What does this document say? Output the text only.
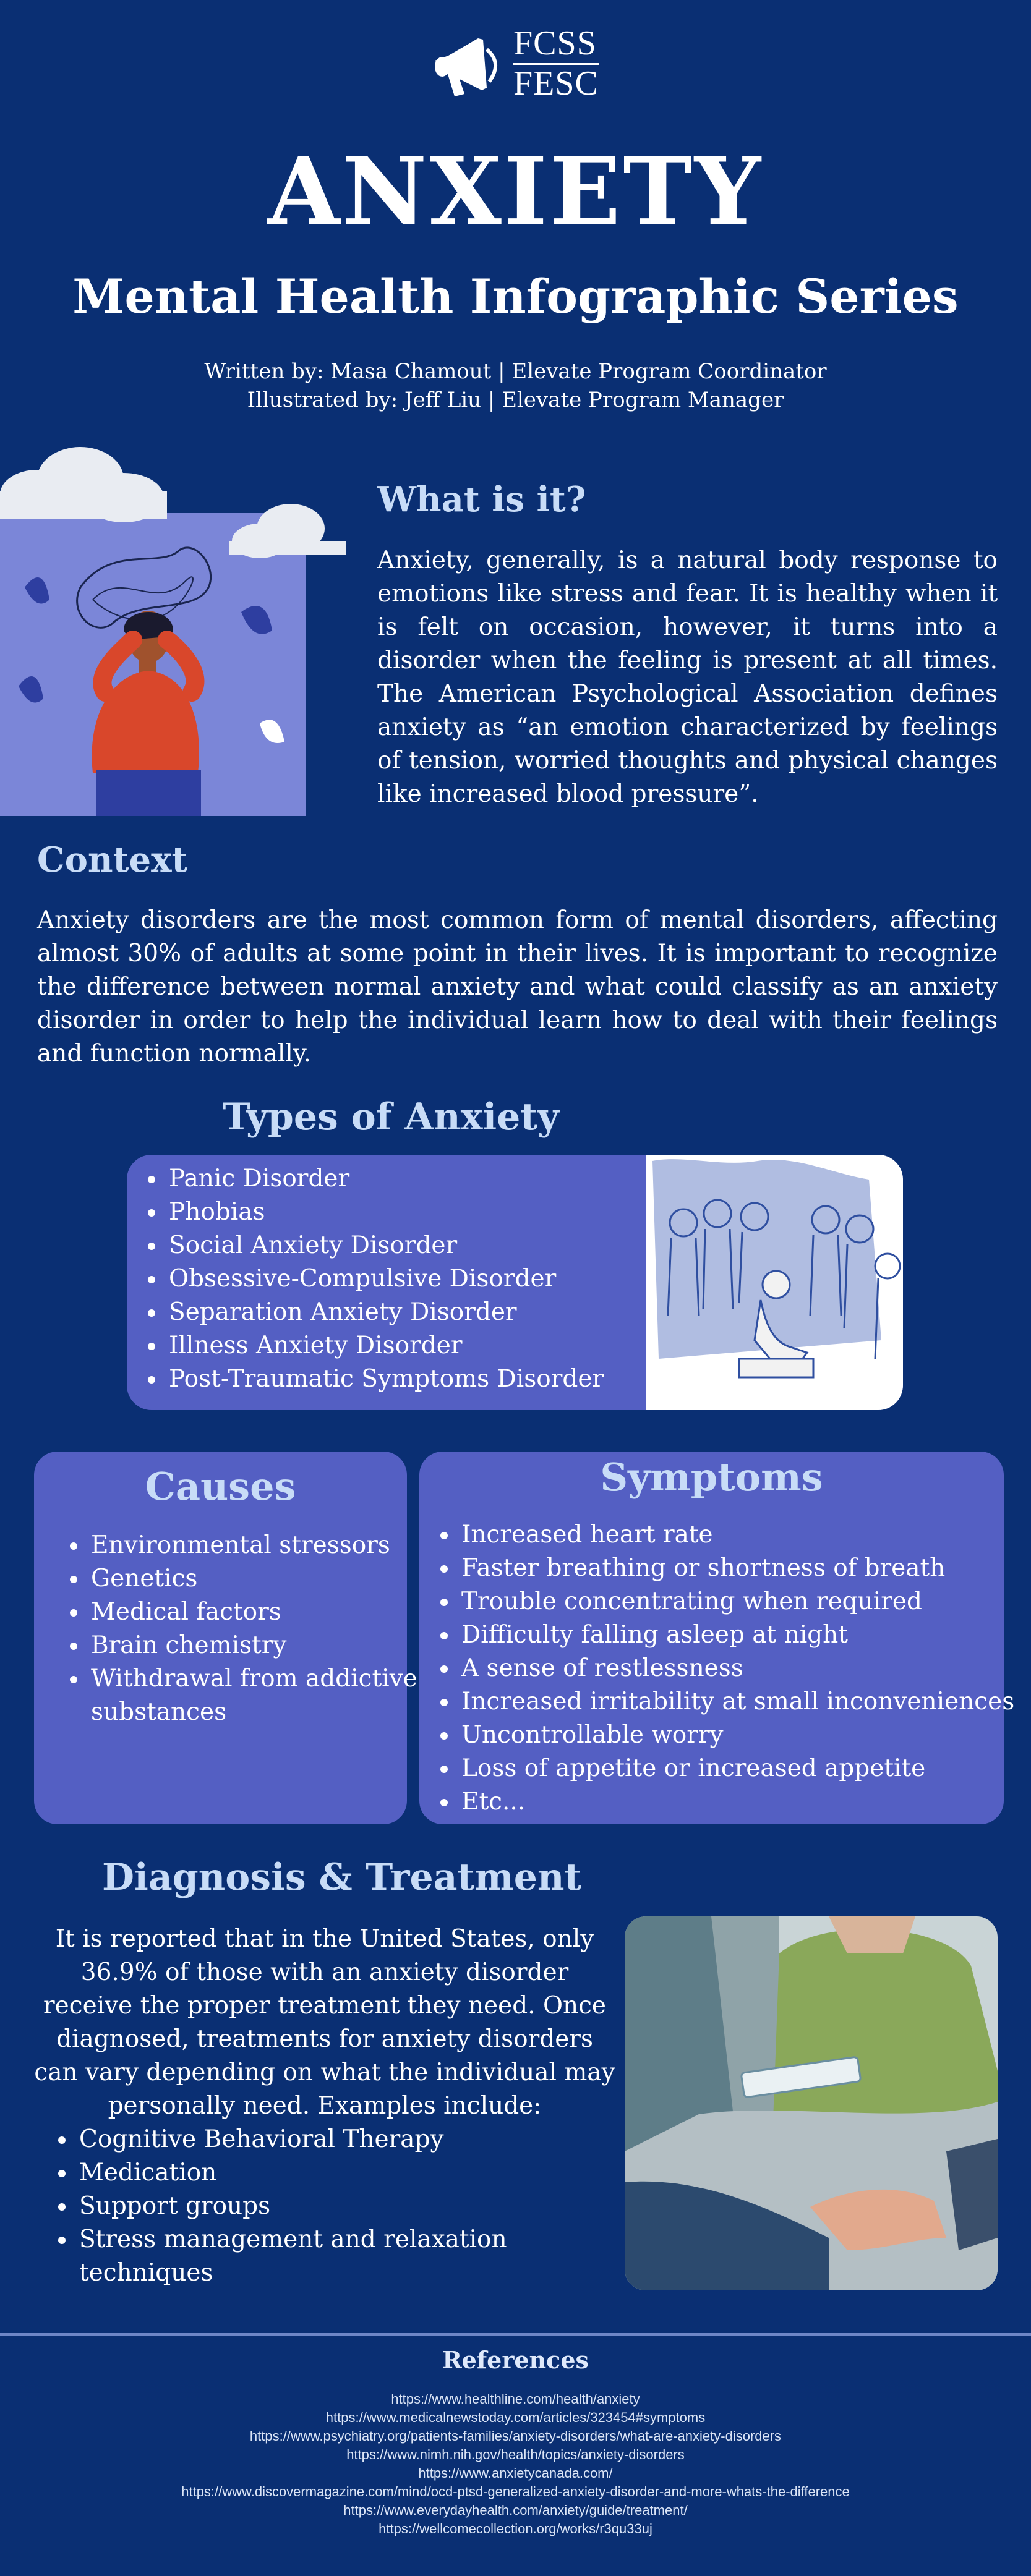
FCSS
FESC
ANXIETY
Mental Health Infographic Series
Written by: Masa Chamout | Elevate Program Coordinator
Illustrated by: Jeff Liu | Elevate Program Manager
What is it?

Anxiety, generally, is a natural body response to emotions like stress and fear. It is healthy when it is felt on occasion, however, it turns into a disorder when the feeling is present at all times. The American Psychological Association defines anxiety as “an emotion characterized by feelings of tension, worried thoughts and physical changes like increased blood pressure”.

Context

Anxiety disorders are the most common form of mental disorders, affecting almost 30% of adults at some point in their lives. It is important to recognize the difference between normal anxiety and what could classify as an anxiety disorder in order to help the individual learn how to deal with their feelings and function normally.

Types of Anxiety
• Panic Disorder
• Phobias
• Social Anxiety Disorder
• Obsessive-Compulsive Disorder
• Separation Anxiety Disorder
• Illness Anxiety Disorder
• Post-Traumatic Symptoms Disorder
Causes
• Environmental stressors
• Genetics
• Medical factors
• Brain chemistry
• Withdrawal from addictive substances
Symptoms
• Increased heart rate
• Faster breathing or shortness of breath
• Trouble concentrating when required
• Difficulty falling asleep at night
• A sense of restlessness
• Increased irritability at small inconveniences
• Uncontrollable worry
• Loss of appetite or increased appetite
• Etc...
Diagnosis & Treatment

It is reported that in the United States, only 36.9% of those with an anxiety disorder receive the proper treatment they need. Once diagnosed, treatments for anxiety disorders can vary depending on what the individual may personally need. Examples include:

• Cognitive Behavioral Therapy
• Medication
• Support groups
• Stress management and relaxation techniques
References
https://www.healthline.com/health/anxiety
https://www.medicalnewstoday.com/articles/323454#symptoms
https://www.psychiatry.org/patients-families/anxiety-disorders/what-are-anxiety-disorders
https://www.nimh.nih.gov/health/topics/anxiety-disorders
https://www.anxietycanada.com/
https://www.discovermagazine.com/mind/ocd-ptsd-generalized-anxiety-disorder-and-more-whats-the-difference
https://www.everydayhealth.com/anxiety/guide/treatment/
https://wellcomecollection.org/works/r3qu33uj
